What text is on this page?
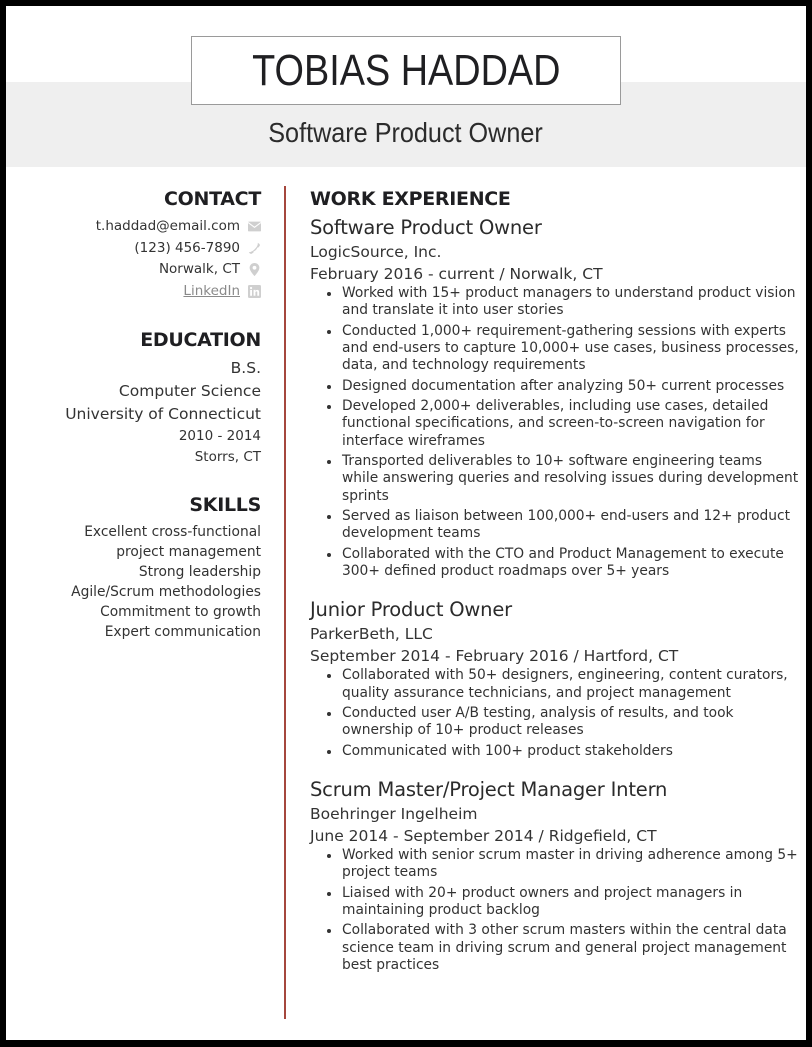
TOBIAS HADDAD
Software Product Owner
CONTACT
t.haddad@email.com
(123) 456-7890
Norwalk, CT
LinkedIn
EDUCATION
B.S.
Computer Science
University of Connecticut
2010 - 2014
Storrs, CT
SKILLS
Excellent cross-functional
project management
Strong leadership
Agile/Scrum methodologies
Commitment to growth
Expert communication
WORK EXPERIENCE
Software Product Owner
LogicSource, Inc.
February 2016 - current / Norwalk, CT
Worked with 15+ product managers to understand product vision and translate it into user stories
Conducted 1,000+ requirement-gathering sessions with experts and end-users to capture 10,000+ use cases, business processes, data, and technology requirements
Designed documentation after analyzing 50+ current processes
Developed 2,000+ deliverables, including use cases, detailed functional specifications, and screen-to-screen navigation for interface wireframes
Transported deliverables to 10+ software engineering teams while answering queries and resolving issues during development sprints
Served as liaison between 100,000+ end-users and 12+ product development teams
Collaborated with the CTO and Product Management to execute 300+ defined product roadmaps over 5+ years
Junior Product Owner
ParkerBeth, LLC
September 2014 - February 2016 / Hartford, CT
Collaborated with 50+ designers, engineering, content curators, quality assurance technicians, and project management
Conducted user A/B testing, analysis of results, and took ownership of 10+ product releases
Communicated with 100+ product stakeholders
Scrum Master/Project Manager Intern
Boehringer Ingelheim
June 2014 - September 2014 / Ridgefield, CT
Worked with senior scrum master in driving adherence among 5+ project teams
Liaised with 20+ product owners and project managers in maintaining product backlog
Collaborated with 3 other scrum masters within the central data science team in driving scrum and general project management best practices
